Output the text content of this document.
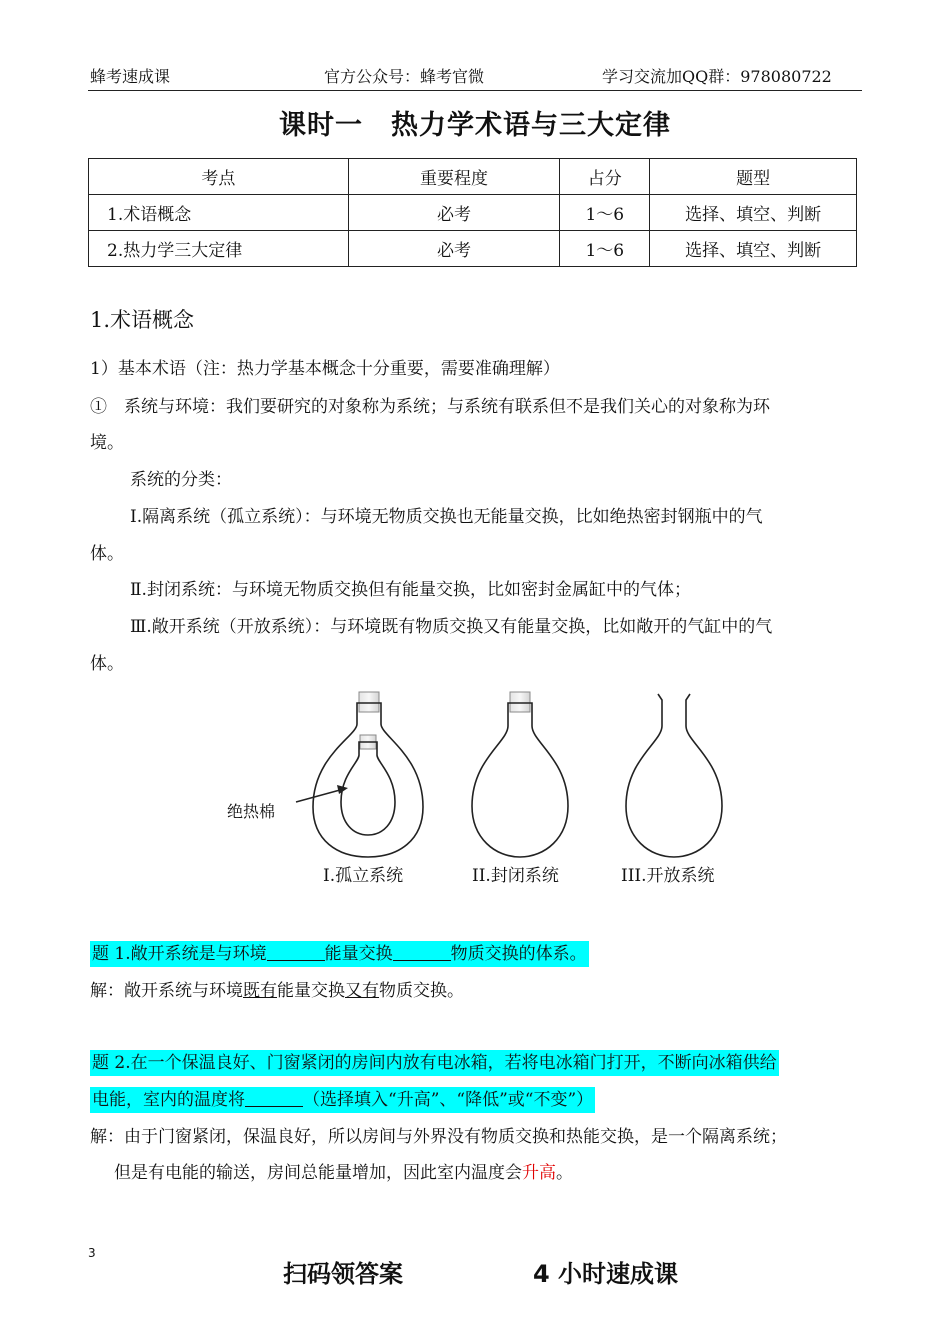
蜂考速成课	官方公众号：蜂考官微	学习交流加QQ群：978080722
课时一　热力学术语与三大定律
考点	重要程度	占分	题型
1.术语概念	必考	1～6	选择、填空、判断
2.热力学三大定律	必考	1～6	选择、填空、判断
1.术语概念
1）基本术语（注：热力学基本概念十分重要，需要准确理解）
①　系统与环境：我们要研究的对象称为系统；与系统有联系但不是我们关心的对象称为环
境。
系统的分类：
Ⅰ.隔离系统（孤立系统）：与环境无物质交换也无能量交换，比如绝热密封钢瓶中的气
体。
Ⅱ.封闭系统：与环境无物质交换但有能量交换，比如密封金属缸中的气体；
Ⅲ.敞开系统（开放系统）：与环境既有物质交换又有能量交换，比如敞开的气缸中的气
体。
绝热棉
I.孤立系统	II.封闭系统	III.开放系统
题 1.敞开系统是与环境	能量交换	物质交换的体系。
解：敞开系统与环境既有能量交换又有物质交换。
题 2.在一个保温良好、门窗紧闭的房间内放有电冰箱，若将电冰箱门打开，不断向冰箱供给
电能，室内的温度将	（选择填入“升高”、“降低”或“不变”）
解：由于门窗紧闭，保温良好，所以房间与外界没有物质交换和热能交换，是一个隔离系统；
但是有电能的输送，房间总能量增加，因此室内温度会升高。
3
扫码领答案	4 小时速成课
